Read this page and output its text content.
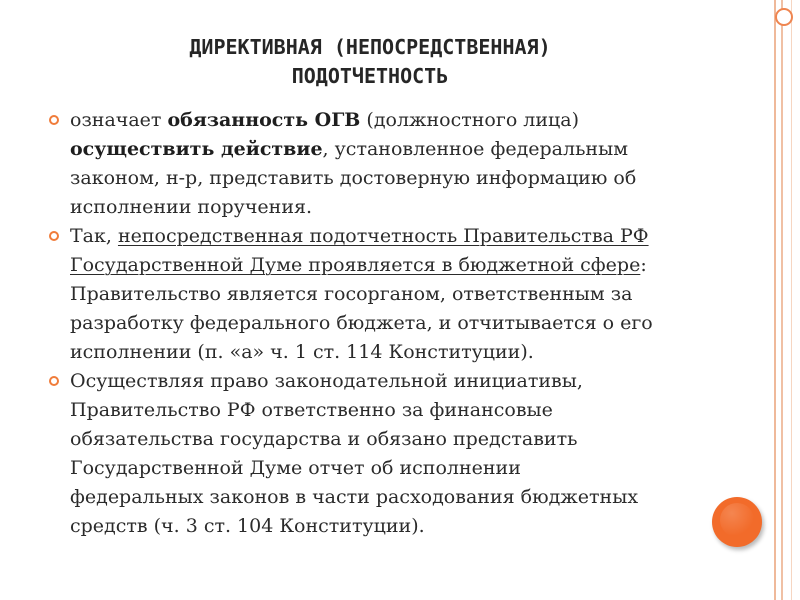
ДИРЕКТИВНАЯ (НЕПОСРЕДСТВЕННАЯ)
ПОДОТЧЕТНОСТЬ
означает обязанность ОГВ (должностного лица)
осуществить действие, установленное федеральным
законом, н-р, представить достоверную информацию об
исполнении поручения.
Так, непосредственная подотчетность Правительства РФ
Государственной Думе проявляется в бюджетной сфере:
Правительство является госорганом, ответственным за
разработку федерального бюджета, и отчитывается о его
исполнении (п. «а» ч. 1 ст. 114 Конституции).
Осуществляя право законодательной инициативы,
Правительство РФ ответственно за финансовые
обязательства государства и обязано представить
Государственной Думе отчет об исполнении
федеральных законов в части расходования бюджетных
средств (ч. 3 ст. 104 Конституции).
